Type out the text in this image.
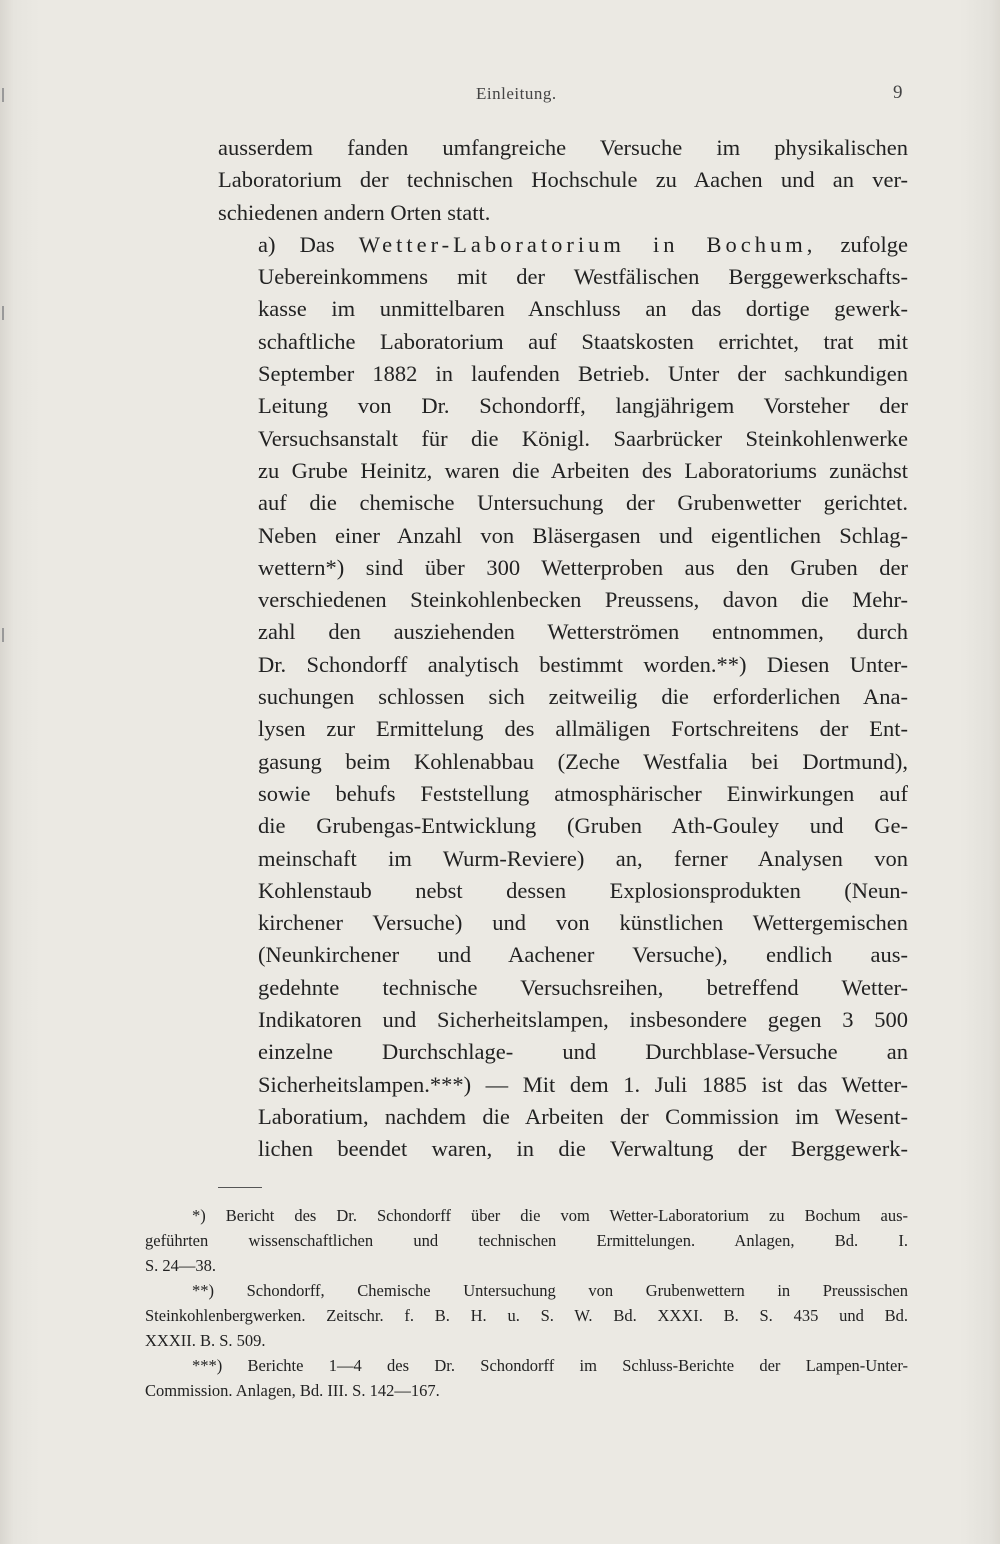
Einleitung.	9
ausserdem fanden umfangreiche Versuche im physikalischen
Laboratorium der technischen Hochschule zu Aachen und an ver-
schiedenen andern Orten statt.
a) Das Wetter-Laboratorium in Bochum, zufolge
Uebereinkommens mit der Westfälischen Berggewerkschafts-
kasse im unmittelbaren Anschluss an das dortige gewerk-
schaftliche Laboratorium auf Staatskosten errichtet, trat mit
September 1882 in laufenden Betrieb. Unter der sachkundigen
Leitung von Dr. Schondorff, langjährigem Vorsteher der
Versuchsanstalt für die Königl. Saarbrücker Steinkohlenwerke
zu Grube Heinitz, waren die Arbeiten des Laboratoriums zunächst
auf die chemische Untersuchung der Grubenwetter gerichtet.
Neben einer Anzahl von Bläsergasen und eigentlichen Schlag-
wettern*) sind über 300 Wetterproben aus den Gruben der
verschiedenen Steinkohlenbecken Preussens, davon die Mehr-
zahl den ausziehenden Wetterströmen entnommen, durch
Dr. Schondorff analytisch bestimmt worden.**) Diesen Unter-
suchungen schlossen sich zeitweilig die erforderlichen Ana-
lysen zur Ermittelung des allmäligen Fortschreitens der Ent-
gasung beim Kohlenabbau (Zeche Westfalia bei Dortmund),
sowie behufs Feststellung atmosphärischer Einwirkungen auf
die Grubengas-Entwicklung (Gruben Ath-Gouley und Ge-
meinschaft im Wurm-Reviere) an, ferner Analysen von
Kohlenstaub nebst dessen Explosionsprodukten (Neun-
kirchener Versuche) und von künstlichen Wettergemischen
(Neunkirchener und Aachener Versuche), endlich aus-
gedehnte technische Versuchsreihen, betreffend Wetter-
Indikatoren und Sicherheitslampen, insbesondere gegen 3 500
einzelne Durchschlage- und Durchblase-Versuche an
Sicherheitslampen.***) — Mit dem 1. Juli 1885 ist das Wetter-
Laboratium, nachdem die Arbeiten der Commission im Wesent-
lichen beendet waren, in die Verwaltung der Berggewerk-
*) Bericht des Dr. Schondorff über die vom Wetter-Laboratorium zu Bochum aus-
geführten wissenschaftlichen und technischen Ermittelungen. Anlagen, Bd. I.
S. 24—38.
**) Schondorff, Chemische Untersuchung von Grubenwettern in Preussischen
Steinkohlenbergwerken. Zeitschr. f. B. H. u. S. W. Bd. XXXI. B. S. 435 und Bd.
XXXII. B. S. 509.
***) Berichte 1—4 des Dr. Schondorff im Schluss-Berichte der Lampen-Unter-
Commission. Anlagen, Bd. III. S. 142—167.
